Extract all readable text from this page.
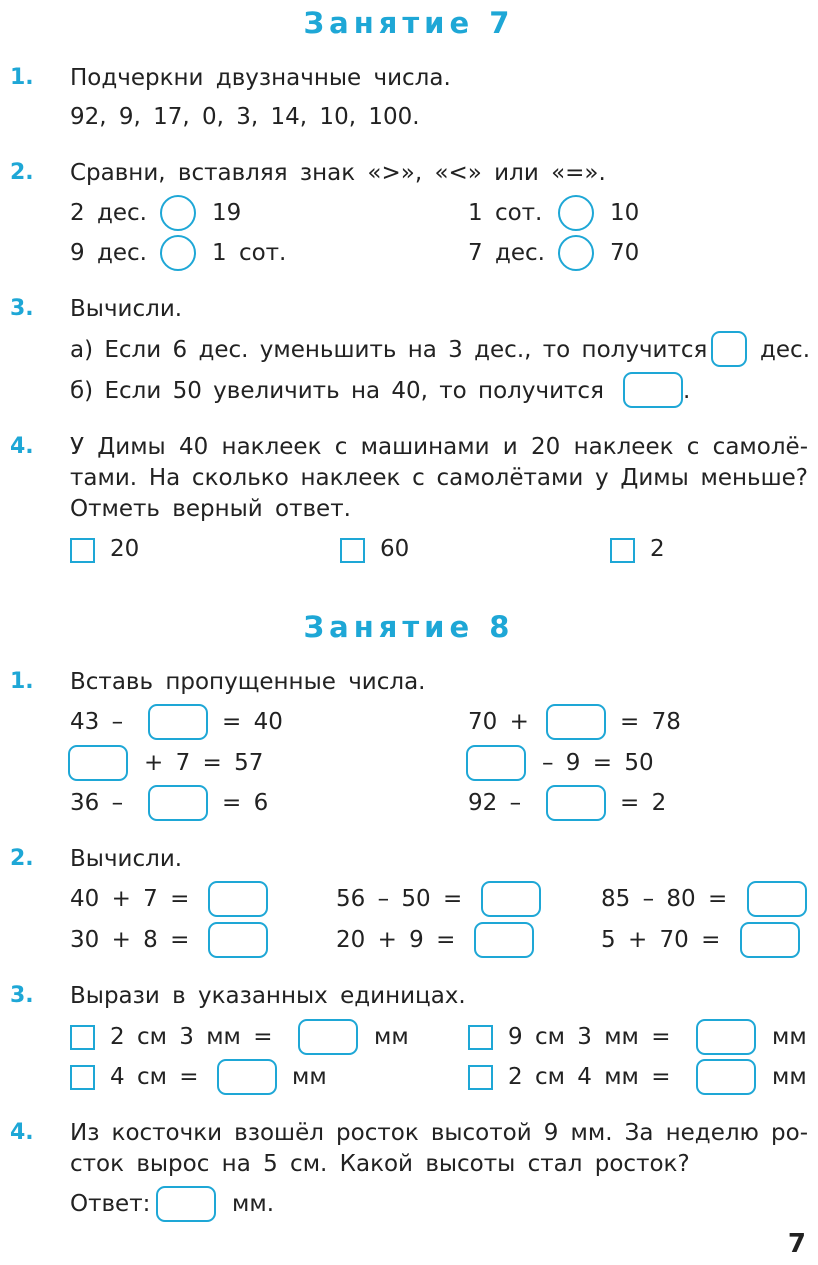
Занятие 7
1. Подчеркни двузначные числа.
92, 9, 17, 0, 3, 14, 10, 100.
2. Сравни, вставляя знак «>», «<» или «=».
2 дес.	19	1 сот.	10
9 дес.	1 сот.	7 дес.	70
3. Вычисли.
а) Если 6 дес. уменьшить на 3 дес., то получится дес.
б) Если 50 увеличить на 40, то получится	.
4. У Димы 40 наклеек с машинами и 20 наклеек с самолё-
тами. На сколько наклеек с самолётами у Димы меньше?
Отметь верный ответ.
20	60	2
Занятие 8
1. Вставь пропущенные числа.
43 –	= 40	70 +	= 78
+ 7 = 57	– 9 = 50
36 –	= 6	92 –	= 2
2. Вычисли.
40 + 7 =	56 – 50 =	85 – 80 =
30 + 8 =	20 + 9 =	5 + 70 =
3. Вырази в указанных единицах.
2 см 3 мм =	мм	9 см 3 мм =	мм
4 см =	мм	2 см 4 мм =	мм
4. Из косточки взошёл росток высотой 9 мм. За неделю ро-
сток вырос на 5 см. Какой высоты стал росток?
Ответ:	мм.
7
